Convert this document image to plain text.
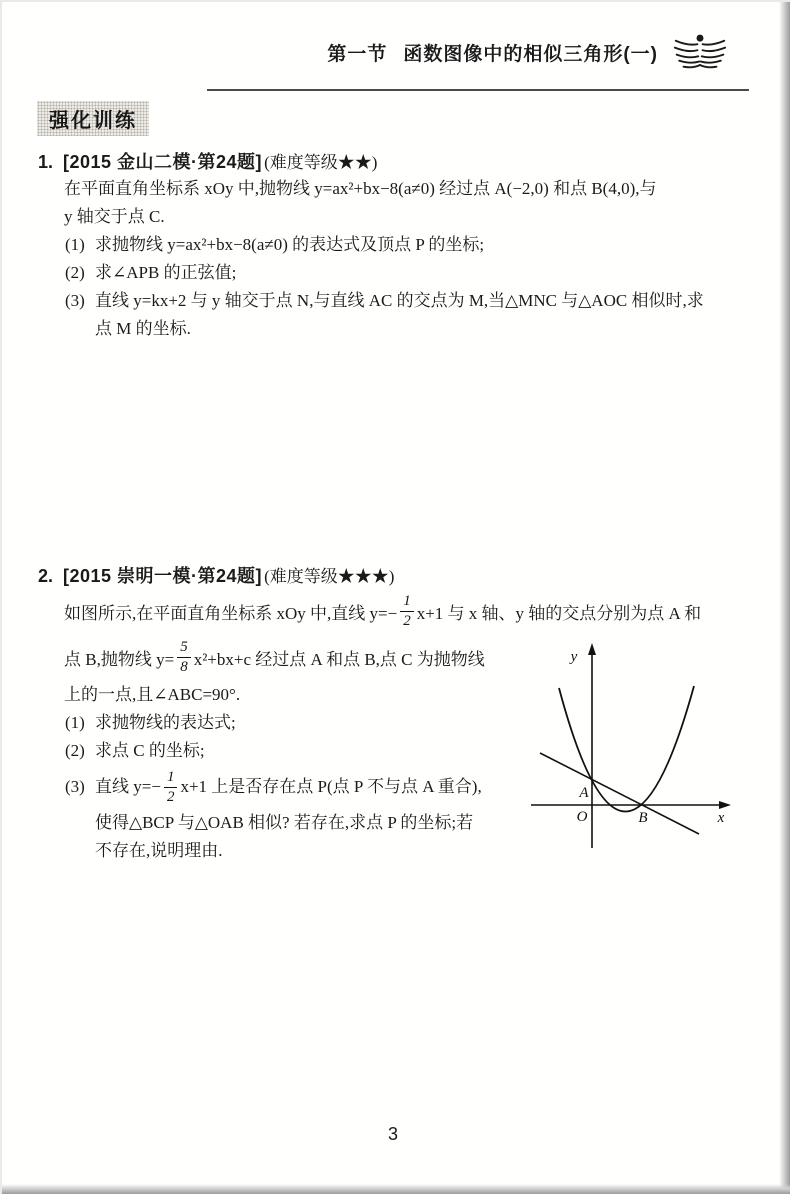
第一节 函数图像中的相似三角形(一)
强化训练
1. [2015 金山二模·第24题] (难度等级★★)
在平面直角坐标系 xOy 中,抛物线 y=ax²+bx−8(a≠0) 经过点 A(−2,0) 和点 B(4,0),与
y 轴交于点 C.
(1) 求抛物线 y=ax²+bx−8(a≠0) 的表达式及顶点 P 的坐标;
(2) 求∠APB 的正弦值;
(3) 直线 y=kx+2 与 y 轴交于点 N,与直线 AC 的交点为 M,当△MNC 与△AOC 相似时,求
点 M 的坐标.
2. [2015 崇明一模·第24题] (难度等级★★★)
如图所示,在平面直角坐标系 xOy 中,直线 $y=- \frac{1}{2} x+1$ 与 x 轴、y 轴的交点分别为点 A 和
点 B,抛物线 $y= \frac{5}{8} x^2+bx+c$ 经过点 A 和点 B,点 C 为抛物线
上的一点,且∠ABC=90°.
(1) 求抛物线的表达式;
(2) 求点 C 的坐标;
(3) 直线 $y=- \frac{1}{2} x+1$ 上是否存在点 P(点 P 不与点 A 重合),
使得△BCP 与△OAB 相似? 若存在,求点 P 的坐标;若
不存在,说明理由.
y
x
O
A
B
3
